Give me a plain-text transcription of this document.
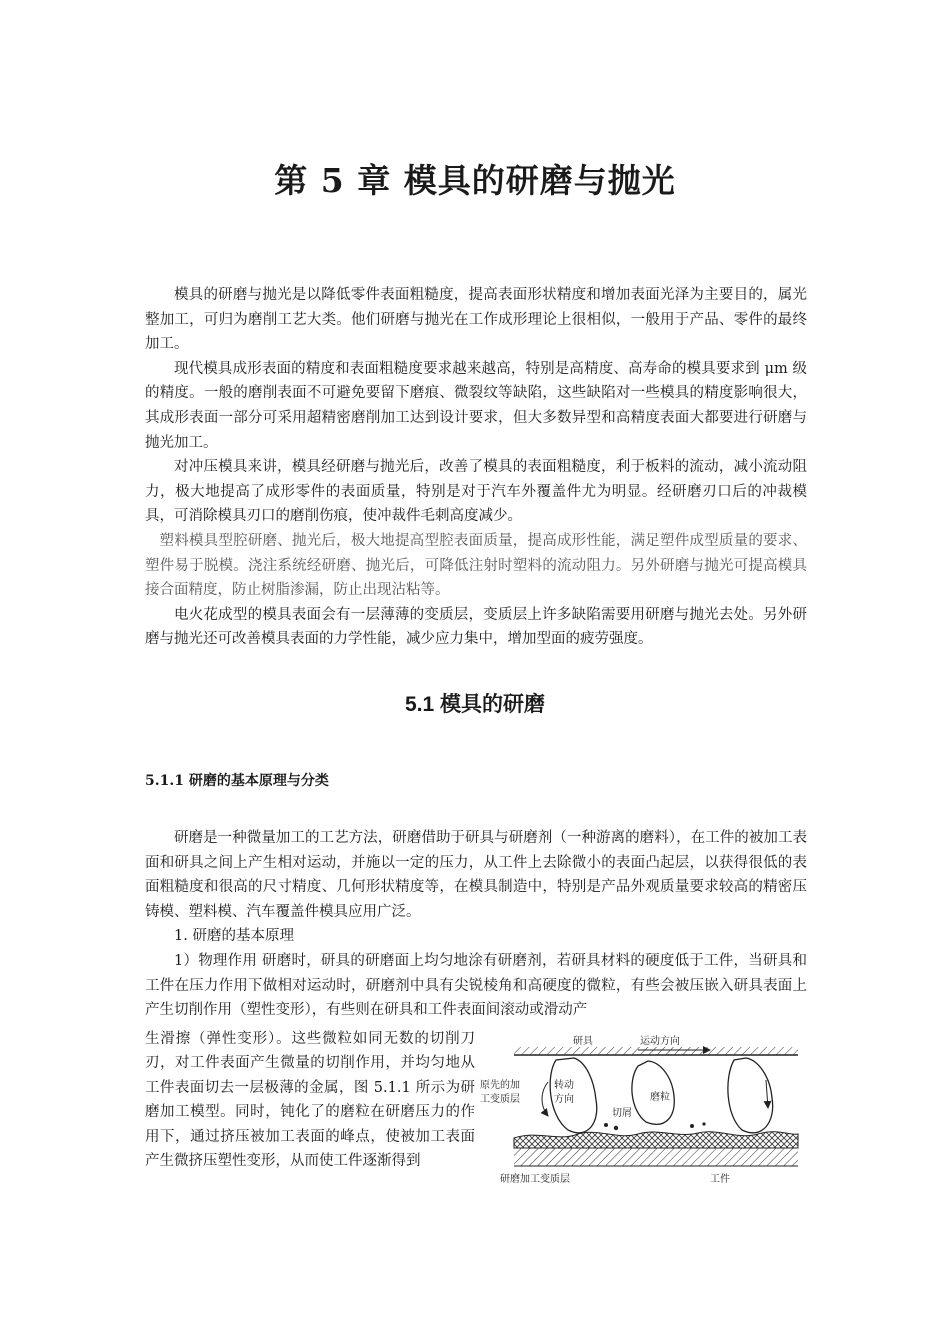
第 5 章 模具的研磨与抛光

模具的研磨与抛光是以降低零件表面粗糙度，提高表面形状精度和增加表面光泽为主要目的，属光整加工，可归为磨削工艺大类。他们研磨与抛光在工作成形理论上很相似，一般用于产品、零件的最终加工。

现代模具成形表面的精度和表面粗糙度要求越来越高，特别是高精度、高寿命的模具要求到 μm 级的精度。一般的磨削表面不可避免要留下磨痕、微裂纹等缺陷，这些缺陷对一些模具的精度影响很大，其成形表面一部分可采用超精密磨削加工达到设计要求，但大多数异型和高精度表面大都要进行研磨与抛光加工。

对冲压模具来讲，模具经研磨与抛光后，改善了模具的表面粗糙度，利于板料的流动，减小流动阻力，极大地提高了成形零件的表面质量，特别是对于汽车外覆盖件尤为明显。经研磨刃口后的冲裁模具，可消除模具刃口的磨削伤痕，使冲裁件毛刺高度减少。

塑料模具型腔研磨、抛光后，极大地提高型腔表面质量，提高成形性能，满足塑件成型质量的要求、塑件易于脱模。浇注系统经研磨、抛光后，可降低注射时塑料的流动阻力。另外研磨与抛光可提高模具接合面精度，防止树脂渗漏，防止出现沾粘等。

电火花成型的模具表面会有一层薄薄的变质层，变质层上许多缺陷需要用研磨与抛光去处。另外研磨与抛光还可改善模具表面的力学性能，减少应力集中，增加型面的疲劳强度。

5.1 模具的研磨
5.1.1 研磨的基本原理与分类

研磨是一种微量加工的工艺方法，研磨借助于研具与研磨剂（一种游离的磨料），在工件的被加工表面和研具之间上产生相对运动，并施以一定的压力，从工件上去除微小的表面凸起层，以获得很低的表面粗糙度和很高的尺寸精度、几何形状精度等，在模具制造中，特别是产品外观质量要求较高的精密压铸模、塑料模、汽车覆盖件模具应用广泛。

1. 研磨的基本原理

1）物理作用 研磨时，研具的研磨面上均匀地涂有研磨剂，若研具材料的硬度低于工件，当研具和工件在压力作用下做相对运动时，研磨剂中具有尖锐棱角和高硬度的微粒，有些会被压嵌入研具表面上产生切削作用（塑性变形），有些则在研具和工件表面间滚动或滑动产

生滑擦（弹性变形）。这些微粒如同无数的切削刀刃，对工件表面产生微量的切削作用，并均匀地从工件表面切去一层极薄的金属，图 5.1.1 所示为研磨加工模型。同时，钝化了的磨粒在研磨压力的作用下，通过挤压被加工表面的峰点，使被加工表面产生微挤压塑性变形，从而使工件逐渐得到

研具	运动方向
原先的加
工变质层
转动
方向
切屑
磨粒
研磨加工变质层	工件
